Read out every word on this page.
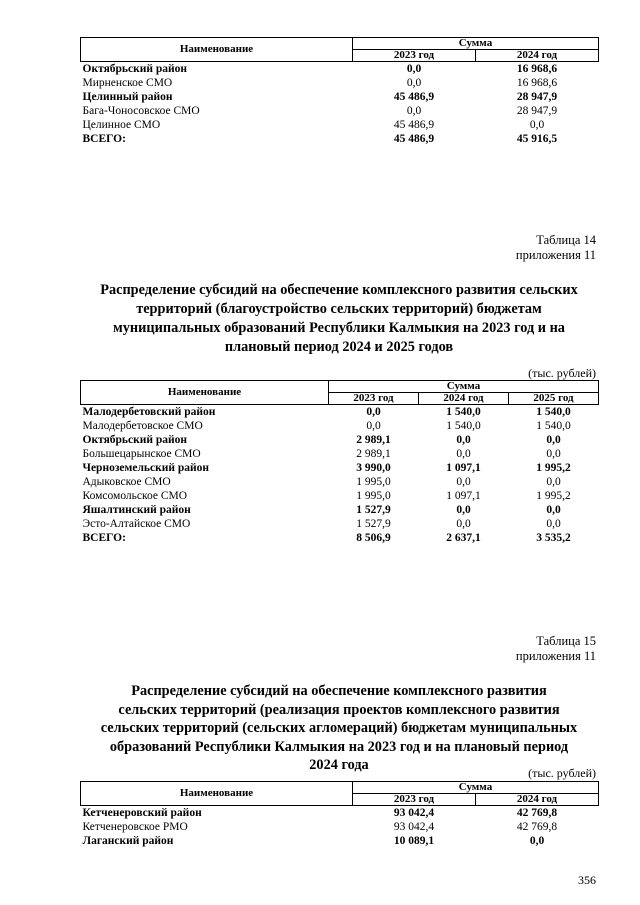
Наименование	Сумма	
	2023 год	2024 год
Октябрьский район	0,0	16 968,6
Мирненское СМО	0,0	16 968,6
Целинный район	45 486,9	28 947,9
Бага-Чоносовское СМО	0,0	28 947,9
Целинное СМО	45 486,9	0,0
ВСЕГО:	45 486,9	45 916,5
Таблица 14
приложения 11
Распределение субсидий на обеспечение комплексного развития сельских
территорий (благоустройство сельских территорий) бюджетам
муниципальных образований Республики Калмыкия на 2023 год и на
плановый период 2024 и 2025 годов
(тыс. рублей)
Наименование	Сумма		
	2023 год	2024 год	2025 год
Малодербетовский район	0,0	1 540,0	1 540,0
Малодербетовское СМО	0,0	1 540,0	1 540,0
Октябрьский район	2 989,1	0,0	0,0
Большецарынское СМО	2 989,1	0,0	0,0
Черноземельский район	3 990,0	1 097,1	1 995,2
Адыковское СМО	1 995,0	0,0	0,0
Комсомольское СМО	1 995,0	1 097,1	1 995,2
Яшалтинский район	1 527,9	0,0	0,0
Эсто-Алтайское СМО	1 527,9	0,0	0,0
ВСЕГО:	8 506,9	2 637,1	3 535,2
Таблица 15
приложения 11
Распределение субсидий на обеспечение комплексного развития
сельских территорий (реализация проектов комплексного развития
сельских территорий (сельских агломераций) бюджетам муниципальных
образований Республики Калмыкия на 2023 год и на плановый период
2024 года	(тыс. рублей)
Наименование	Сумма	
	2023 год	2024 год
Кетченеровский район	93 042,4	42 769,8
Кетченеровское РМО	93 042,4	42 769,8
Лаганский район	10 089,1	0,0
356
